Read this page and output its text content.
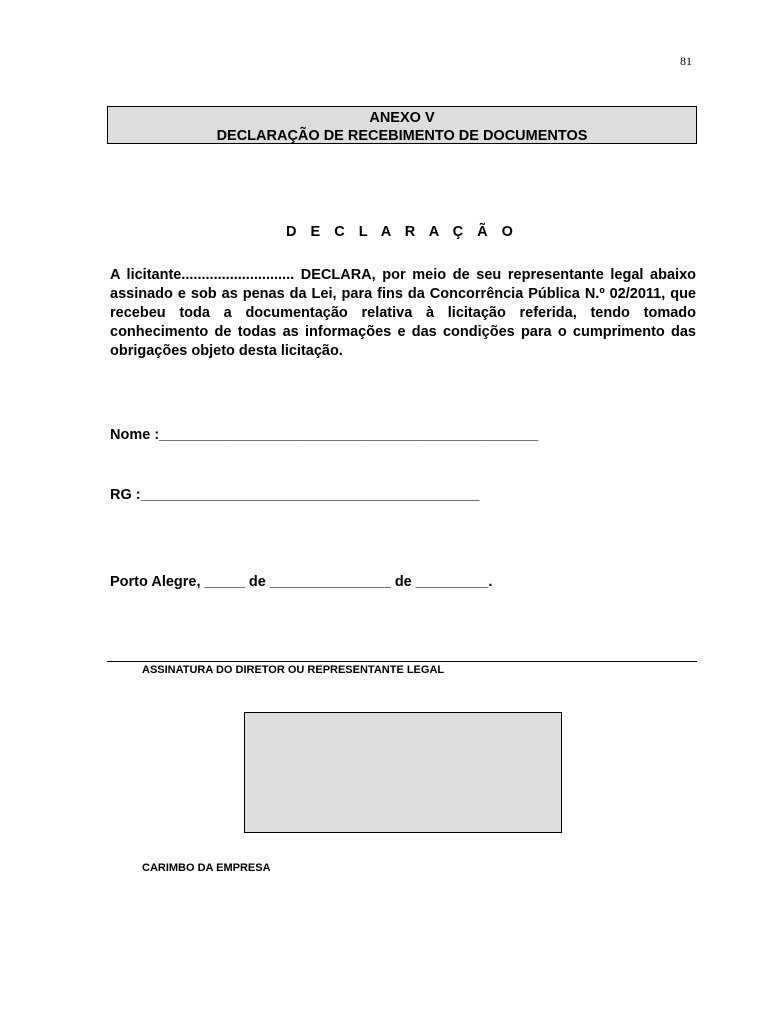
81
ANEXO V
DECLARAÇÃO DE RECEBIMENTO DE DOCUMENTOS
D E C L A R A Ç Ã O

A licitante............................ DECLARA, por meio de seu representante legal abaixo assinado e sob as penas da Lei, para fins da Concorrência Pública N.º 02/2011, que recebeu toda a documentação relativa à licitação referida, tendo tomado conhecimento de todas as informações e das condições para o cumprimento das obrigações objeto desta licitação.

Nome :_______________________________________________
RG :__________________________________________
Porto Alegre, _____ de _______________ de _________.
ASSINATURA DO DIRETOR OU REPRESENTANTE LEGAL
CARIMBO DA EMPRESA
